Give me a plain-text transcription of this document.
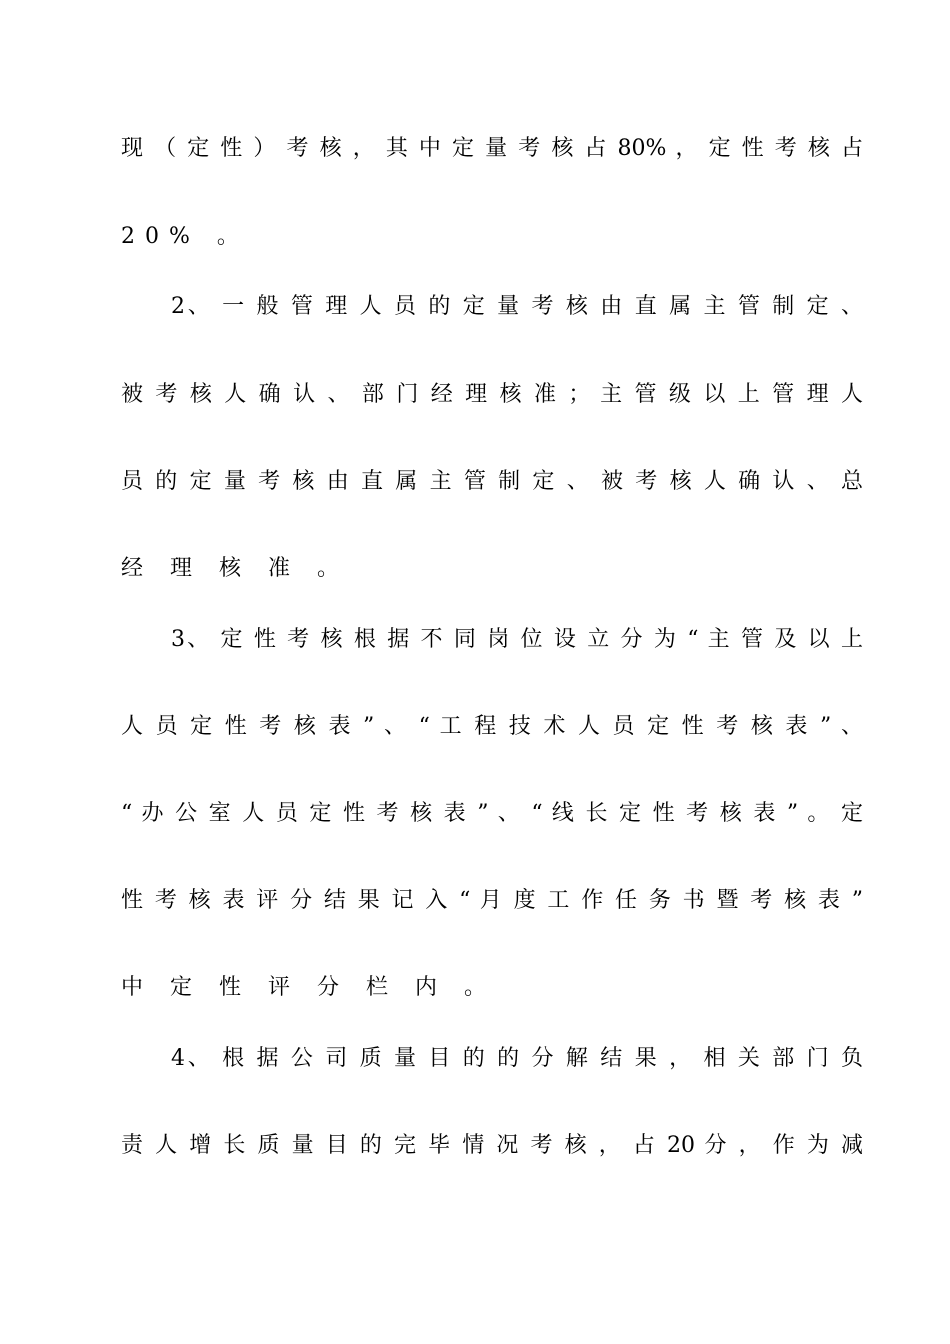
现 （ 定 性 ） 考 核 ， 其 中 定 量 考 核 占 80% ， 定 性 考 核 占
20% 。
2、 一 般 管 理 人 员 的 定 量 考 核 由 直 属 主 管 制 定 、
被 考 核 人 确 认 、 部 门 经 理 核 准 ； 主 管 级 以 上 管 理 人
员 的 定 量 考 核 由 直 属 主 管 制 定 、 被 考 核 人 确 认 、 总
经 理 核 准 。
3、 定 性 考 核 根 据 不 同 岗 位 设 立 分 为 “ 主 管 及 以 上
人 员 定 性 考 核 表 ” 、 “ 工 程 技 术 人 员 定 性 考 核 表 ” 、
“ 办 公 室 人 员 定 性 考 核 表 ” 、 “ 线 长 定 性 考 核 表 ” 。 定
性 考 核 表 评 分 结 果 记 入 “ 月 度 工 作 任 务 书 暨 考 核 表 ”
中 定 性 评 分 栏 内 。
4、 根 据 公 司 质 量 目 的 的 分 解 结 果 ， 相 关 部 门 负
责 人 增 长 质 量 目 的 完 毕 情 况 考 核 ， 占 20 分 ， 作 为 减
